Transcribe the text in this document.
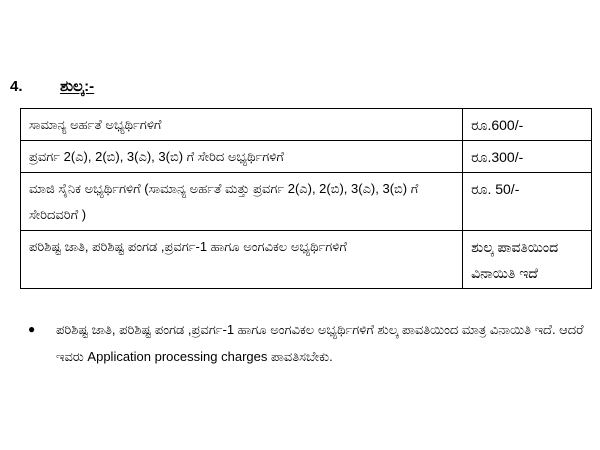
4.	ಶುಲ್ಕ:-
ಸಾಮಾನ್ಯ ಅರ್ಹತೆ ಅಭ್ಯರ್ಥಿಗಳಿಗೆ	ರೂ.600/-
ಪ್ರವರ್ಗ 2(ಎ), 2(ಬಿ), 3(ಎ), 3(ಬಿ) ಗೆ ಸೇರಿದ ಅಭ್ಯರ್ಥಿಗಳಿಗೆ	ರೂ.300/-
ಮಾಜಿ ಸೈನಿಕ ಅಭ್ಯರ್ಥಿಗಳಿಗೆ (ಸಾಮಾನ್ಯ ಅರ್ಹತೆ ಮತ್ತು ಪ್ರವರ್ಗ 2(ಎ), 2(ಬಿ), 3(ಎ), 3(ಬಿ) ಗೆ ಸೇರಿದವರಿಗೆ )	ರೂ. 50/-
ಪರಿಶಿಷ್ಟ ಜಾತಿ, ಪರಿಶಿಷ್ಟ ಪಂಗಡ ,ಪ್ರವರ್ಗ-1 ಹಾಗೂ ಅಂಗವಿಕಲ ಅಭ್ಯರ್ಥಿಗಳಿಗೆ	ಶುಲ್ಕ ಪಾವತಿಯಿಂದ ವಿನಾಯಿತಿ ಇದೆ
●	ಪರಿಶಿಷ್ಟ ಜಾತಿ, ಪರಿಶಿಷ್ಟ ಪಂಗಡ ,ಪ್ರವರ್ಗ-1 ಹಾಗೂ ಅಂಗವಿಕಲ ಅಭ್ಯರ್ಥಿಗಳಿಗೆ ಶುಲ್ಕ ಪಾವತಿಯಿಂದ ಮಾತ್ರ ವಿನಾಯಿತಿ ಇದೆ. ಆದರೆ ಇವರು Application processing charges ಪಾವತಿಸಬೇಕು.
